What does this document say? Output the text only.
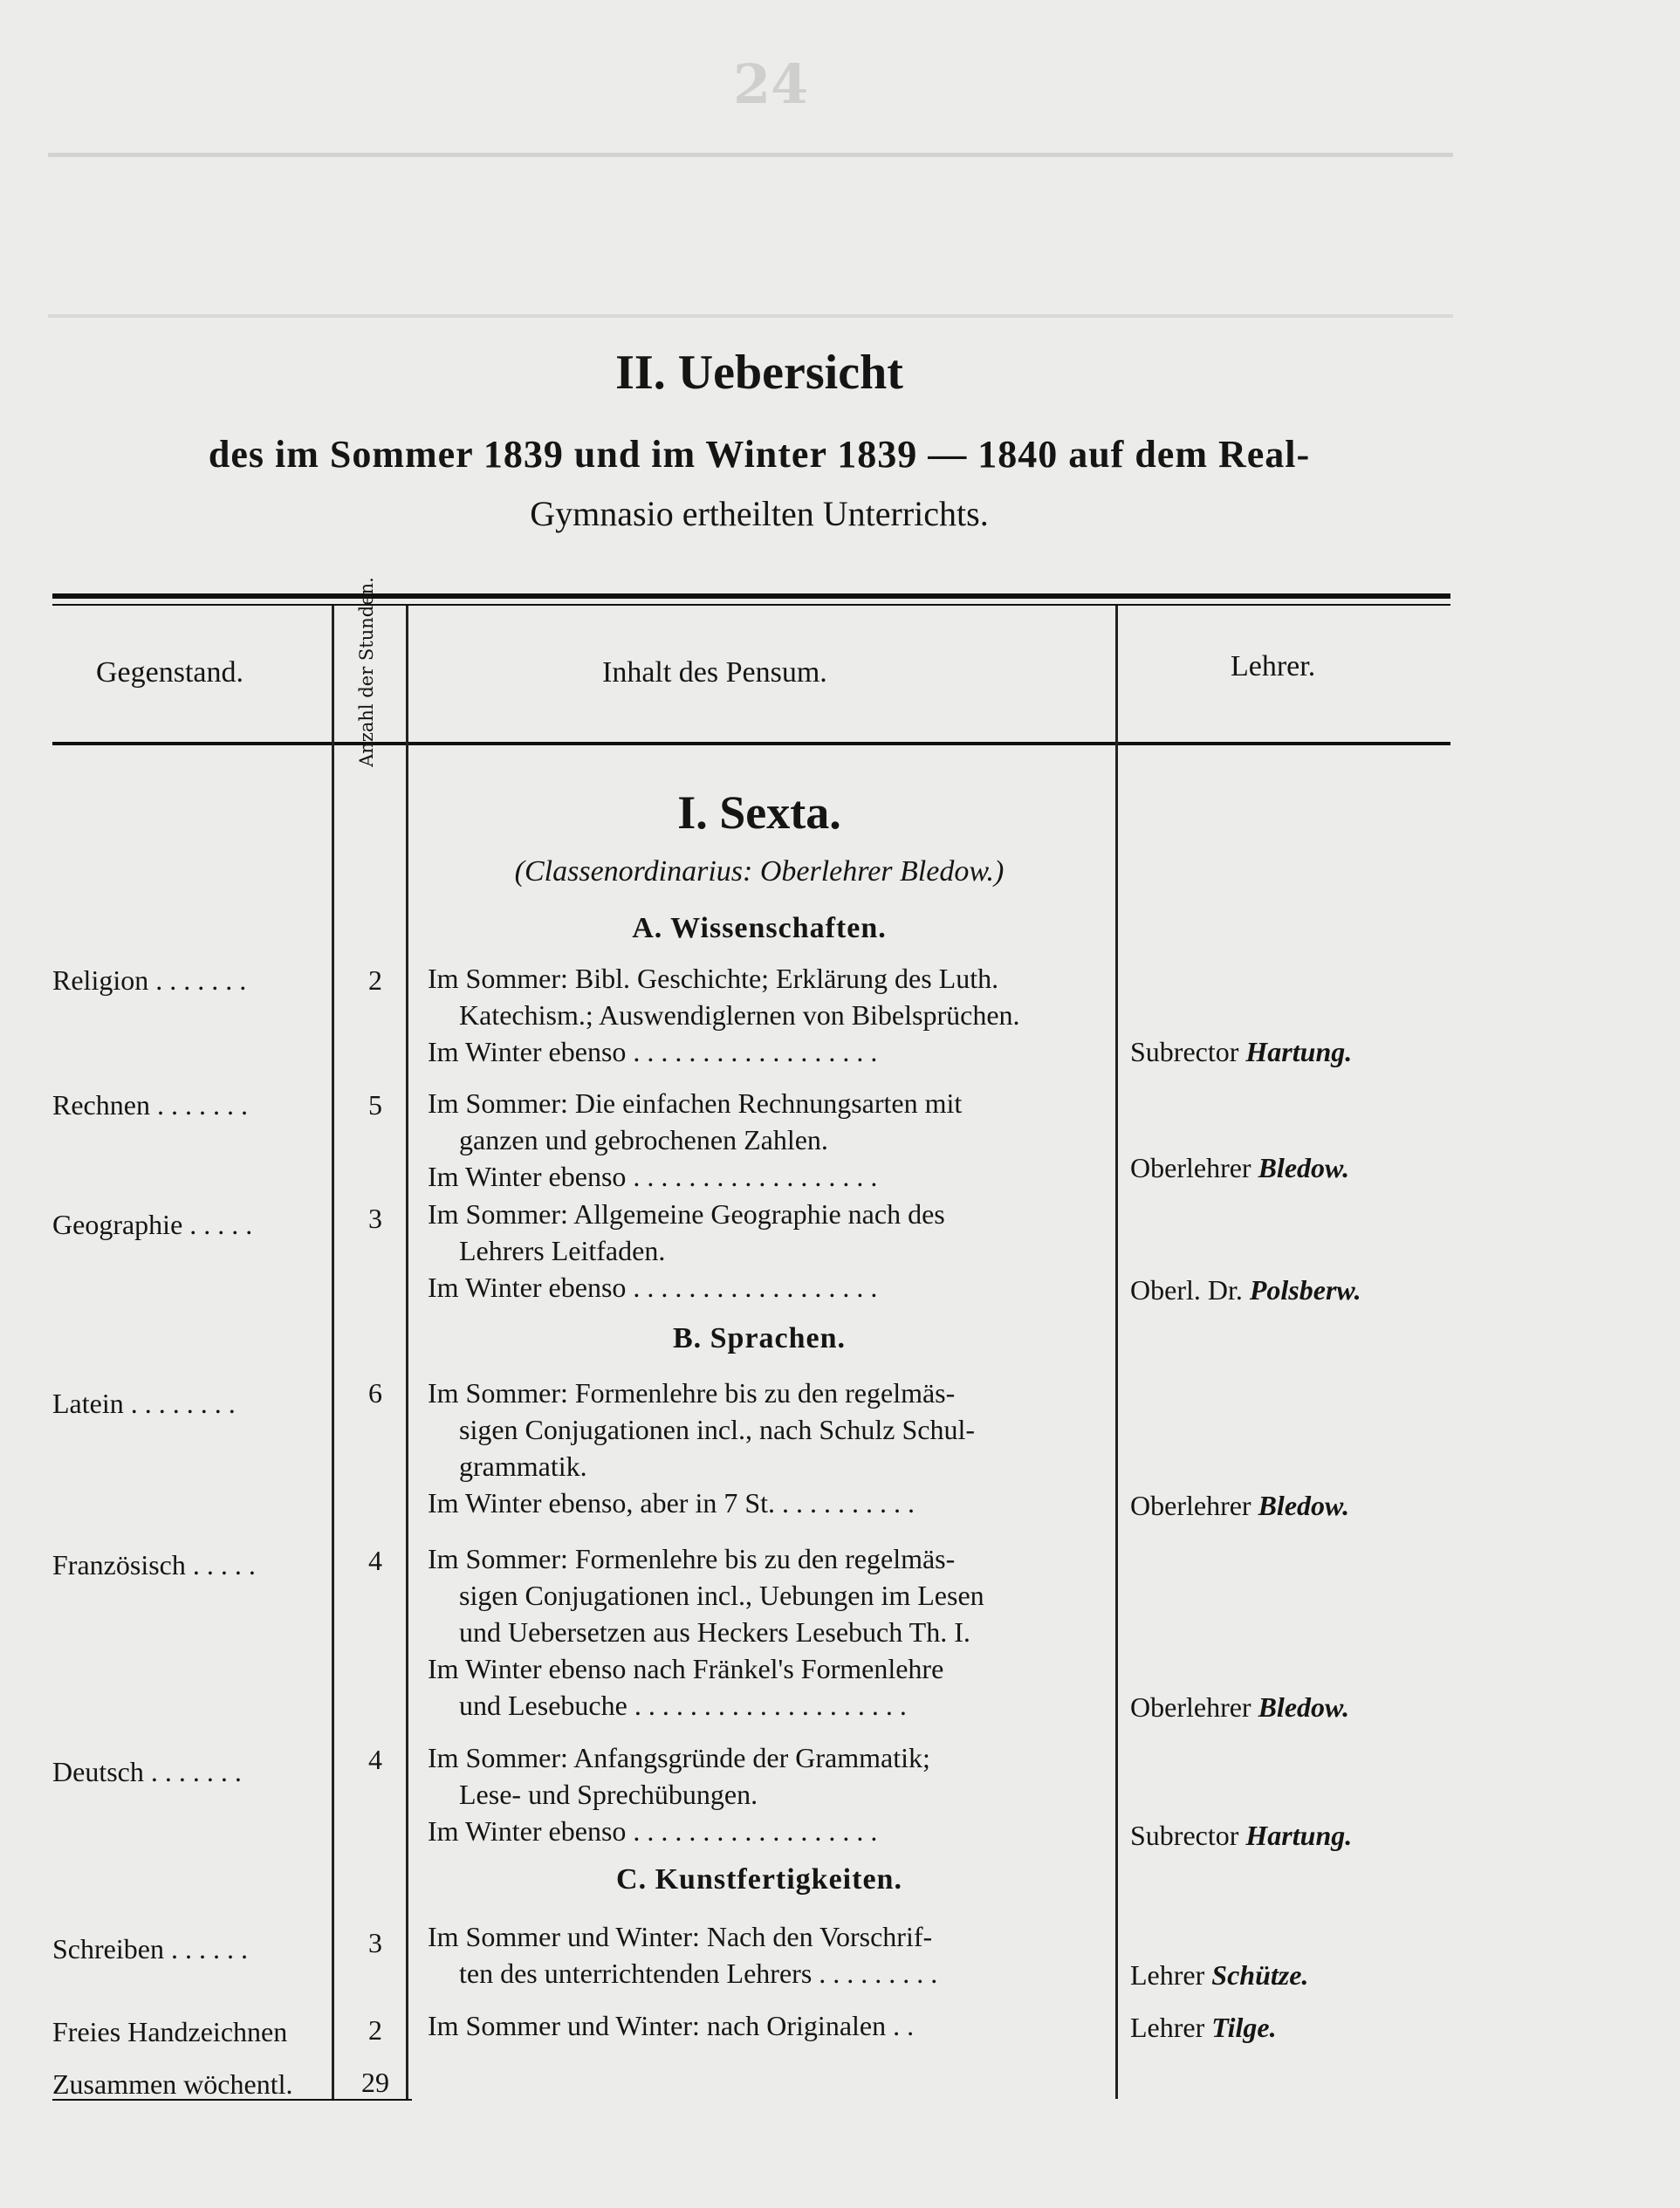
24
II. Uebersicht
des im Sommer 1839 und im Winter 1839 — 1840 auf dem Real-
Gymnasio ertheilten Unterrichts.
Gegenstand.	Anzahl der Stunden.	Inhalt des Pensum.	Lehrer.
I. Sexta.
(Classenordinarius: Oberlehrer Bledow.)
A. Wissenschaften.
B. Sprachen.
C. Kunstfertigkeiten.
Religion . . . . . . .	2	Im Sommer: Bibl. Geschichte; Erklärung des Luth.
Katechism.; Auswendiglernen von Bibelsprüchen.
Im Winter ebenso . . . . . . . . . . . . . . . . . .	Subrector Hartung.
Rechnen . . . . . . .	5	Im Sommer: Die einfachen Rechnungsarten mit
ganzen und gebrochenen Zahlen.
Im Winter ebenso . . . . . . . . . . . . . . . . . .	Oberlehrer Bledow.
Geographie . . . . .	3	Im Sommer: Allgemeine Geographie nach des
Lehrers Leitfaden.
Im Winter ebenso . . . . . . . . . . . . . . . . . .	Oberl. Dr. Polsberw.
Latein . . . . . . . .	6	Im Sommer: Formenlehre bis zu den regelmäs-
sigen Conjugationen incl., nach Schulz Schul-
grammatik.
Im Winter ebenso, aber in 7 St. . . . . . . . . . .	Oberlehrer Bledow.
Französisch . . . . .	4	Im Sommer: Formenlehre bis zu den regelmäs-
sigen Conjugationen incl., Uebungen im Lesen
und Uebersetzen aus Heckers Lesebuch Th. I.
Im Winter ebenso nach Fränkel's Formenlehre
und Lesebuche . . . . . . . . . . . . . . . . . . . .	Oberlehrer Bledow.
Deutsch . . . . . . .	4	Im Sommer: Anfangsgründe der Grammatik;
Lese- und Sprechübungen.
Im Winter ebenso . . . . . . . . . . . . . . . . . .	Subrector Hartung.
Schreiben . . . . . .	3	Im Sommer und Winter: Nach den Vorschrif-
ten des unterrichtenden Lehrers . . . . . . . . .	Lehrer Schütze.
Freies Handzeichnen	2	Im Sommer und Winter: nach Originalen . .	Lehrer Tilge.
Zusammen wöchentl.	29
